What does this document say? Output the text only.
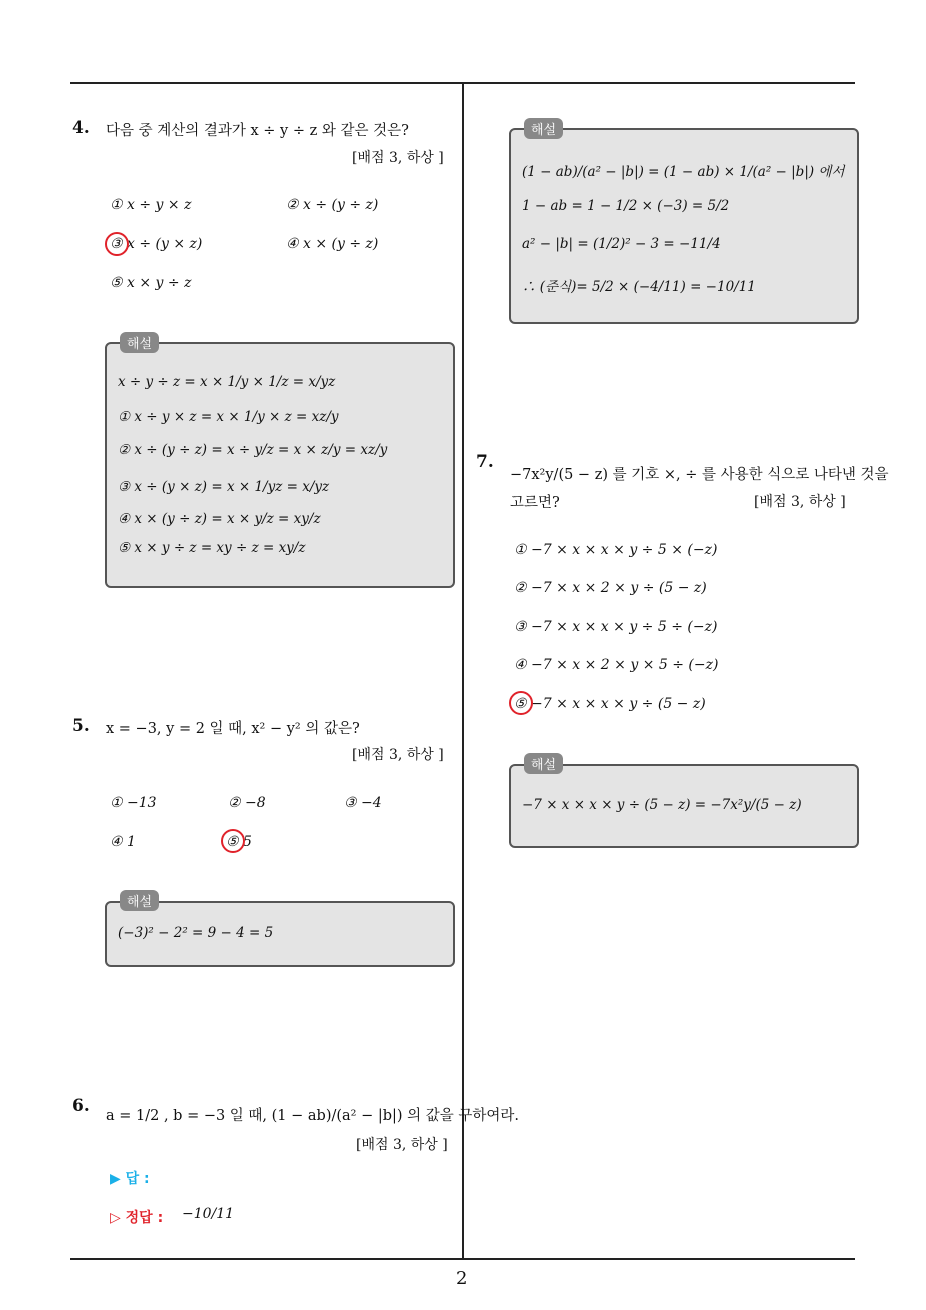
4. 다음 중 계산의 결과가 x ÷ y ÷ z 와 같은 것은?
[배점 3, 하상 ]
① x ÷ y × z	② x ÷ (y ÷ z)
③ x ÷ (y × z)	④ x × (y ÷ z)
⑤ x × y ÷ z
해설
x ÷ y ÷ z = x × 1/y × 1/z = x/yz
① x ÷ y × z = x × 1/y × z = xz/y
② x ÷ (y ÷ z) = x ÷ y/z = x × z/y = xz/y
③ x ÷ (y × z) = x × 1/yz = x/yz
④ x × (y ÷ z) = x × y/z = xy/z
⑤ x × y ÷ z = xy ÷ z = xy/z
5. x = −3, y = 2 일 때, x² − y² 의 값은?
[배점 3, 하상 ]
① −13	② −8	③ −4
④ 1	⑤ 5
해설
(−3)² − 2² = 9 − 4 = 5
6. a = 1/2 , b = −3 일 때, (1 − ab)/(a² − |b|) 의 값을 구하여라.
[배점 3, 하상 ]
▶ 답 :
▷ 정답 : −10/11
해설
(1 − ab)/(a² − |b|) = (1 − ab) × 1/(a² − |b|) 에서
1 − ab = 1 − 1/2 × (−3) = 5/2
a² − |b| = (1/2)² − 3 = −11/4
∴ (준식)= 5/2 × (−4/11) = −10/11
7.
−7x²y/(5 − z) 를 기호 ×, ÷ 를 사용한 식으로 나타낸 것을
고르면?	[배점 3, 하상 ]
① −7 × x × x × y ÷ 5 × (−z)
② −7 × x × 2 × y ÷ (5 − z)
③ −7 × x × x × y ÷ 5 ÷ (−z)
④ −7 × x × 2 × y × 5 ÷ (−z)
⑤ −7 × x × x × y ÷ (5 − z)
해설
−7 × x × x × y ÷ (5 − z) = −7x²y/(5 − z)
2
